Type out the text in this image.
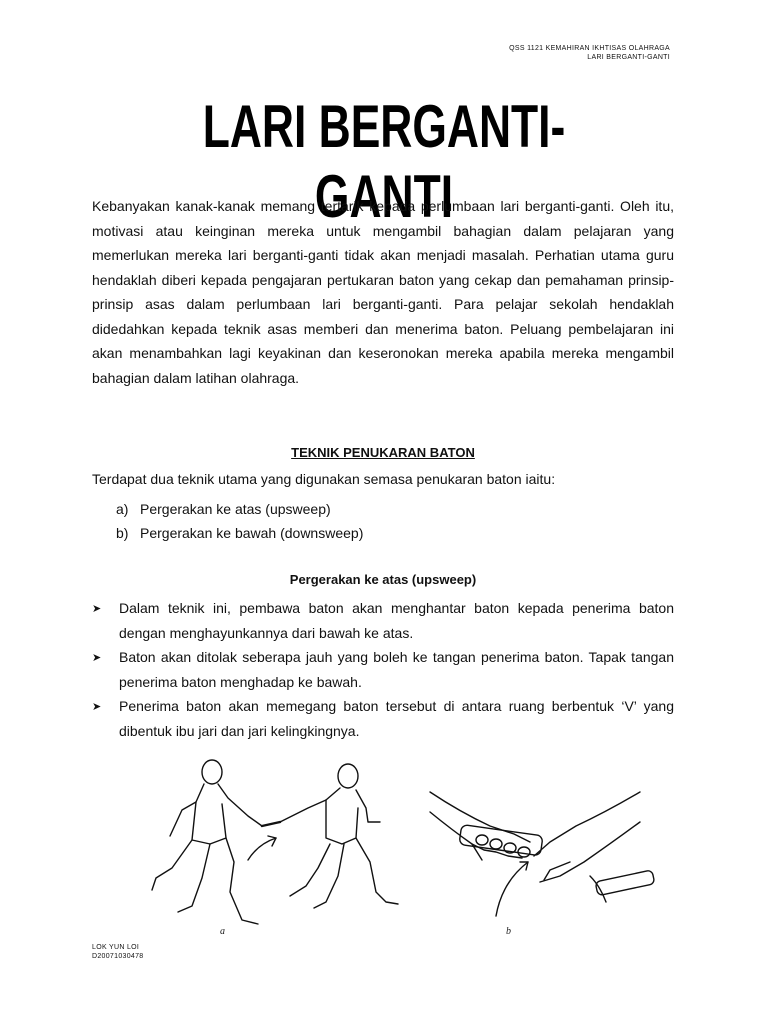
QSS 1121 KEMAHIRAN IKHTISAS OLAHRAGA
LARI BERGANTI-GANTI
LARI BERGANTI-GANTI

Kebanyakan kanak-kanak memang tertarik kepada perlumbaan lari berganti-ganti. Oleh itu, motivasi atau keinginan mereka untuk mengambil bahagian dalam pelajaran yang memerlukan mereka lari berganti-ganti tidak akan menjadi masalah. Perhatian utama guru hendaklah diberi kepada pengajaran pertukaran baton yang cekap dan pemahaman prinsip-prinsip asas dalam perlumbaan lari berganti-ganti. Para pelajar sekolah hendaklah didedahkan kepada teknik asas memberi dan menerima baton. Peluang pembelajaran ini akan menambahkan lagi keyakinan dan keseronokan mereka apabila mereka mengambil bahagian dalam latihan olahraga.

TEKNIK PENUKARAN BATON

Terdapat dua teknik utama yang digunakan semasa penukaran baton iaitu:

a) Pergerakan ke atas (upsweep)
b) Pergerakan ke bawah (downsweep)

Pergerakan ke atas (upsweep)

➤	Dalam teknik ini, pembawa baton akan menghantar baton kepada penerima baton dengan menghayunkannya dari bawah ke atas.
➤	Baton akan ditolak seberapa jauh yang boleh ke tangan penerima baton. Tapak tangan penerima baton menghadap ke bawah.
➤	Penerima baton akan memegang baton tersebut di antara ruang berbentuk ‘V’ yang dibentuk ibu jari dan jari kelingkingnya.
a	b
LOK YUN LOI
D20071030478
